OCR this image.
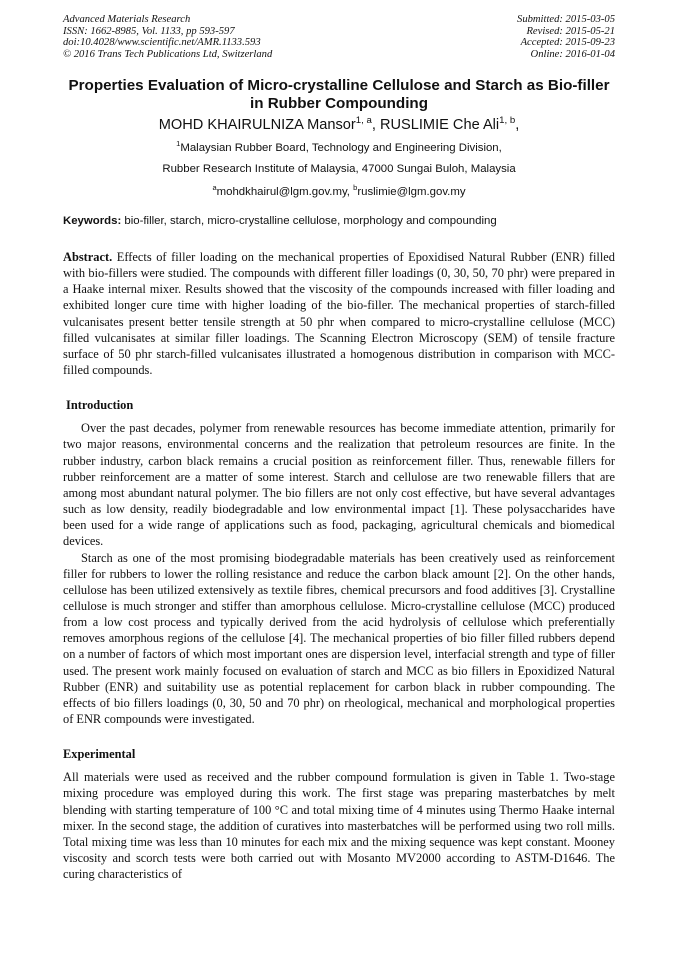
Advanced Materials Research
ISSN: 1662-8985, Vol. 1133, pp 593-597
doi:10.4028/www.scientific.net/AMR.1133.593
© 2016 Trans Tech Publications Ltd, Switzerland
Submitted: 2015-03-05
Revised: 2015-05-21
Accepted: 2015-09-23
Online: 2016-01-04
Properties Evaluation of Micro-crystalline Cellulose and Starch as Bio-filler in Rubber Compounding
MOHD KHAIRULNIZA Mansor$^{1, a}$, RUSLIMIE Che Ali$^{1, b}$,
$^1$Malaysian Rubber Board, Technology and Engineering Division,
Rubber Research Institute of Malaysia, 47000 Sungai Buloh, Malaysia
$^a$mohdkhairul@lgm.gov.my, $^b$ruslimie@lgm.gov.my
Keywords: bio-filler, starch, micro-crystalline cellulose, morphology and compounding
Abstract. Effects of filler loading on the mechanical properties of Epoxidised Natural Rubber (ENR) filled with bio-fillers were studied. The compounds with different filler loadings (0, 30, 50, 70 phr) were prepared in a Haake internal mixer. Results showed that the viscosity of the compounds increased with filler loading and exhibited longer cure time with higher loading of the bio-filler. The mechanical properties of starch-filled vulcanisates present better tensile strength at 50 phr when compared to micro-crystalline cellulose (MCC) filled vulcanisates at similar filler loadings. The Scanning Electron Microscopy (SEM) of tensile fracture surface of 50 phr starch-filled vulcanisates illustrated a homogenous distribution in comparison with MCC-filled compounds.
Introduction

Over the past decades, polymer from renewable resources has become immediate attention, primarily for two major reasons, environmental concerns and the realization that petroleum resources are finite. In the rubber industry, carbon black remains a crucial position as reinforcement filler. Thus, renewable fillers for rubber reinforcement are a matter of some interest. Starch and cellulose are two renewable fillers that are among most abundant natural polymer. The bio fillers are not only cost effective, but have several advantages such as low density, readily biodegradable and low environmental impact [1]. These polysaccharides have been used for a wide range of applications such as food, packaging, agricultural chemicals and biomedical devices.

Starch as one of the most promising biodegradable materials has been creatively used as reinforcement filler for rubbers to lower the rolling resistance and reduce the carbon black amount [2]. On the other hands, cellulose has been utilized extensively as textile fibres, chemical precursors and food additives [3]. Crystalline cellulose is much stronger and stiffer than amorphous cellulose. Micro-crystalline cellulose (MCC) produced from a low cost process and typically derived from the acid hydrolysis of cellulose which preferentially removes amorphous regions of the cellulose [4]. The mechanical properties of bio filler filled rubbers depend on a number of factors of which most important ones are dispersion level, interfacial strength and type of filler used. The present work mainly focused on evaluation of starch and MCC as bio fillers in Epoxidized Natural Rubber (ENR) and suitability use as potential replacement for carbon black in rubber compounding. The effects of bio fillers loadings (0, 30, 50 and 70 phr) on rheological, mechanical and morphological properties of ENR compounds were investigated.

Experimental

All materials were used as received and the rubber compound formulation is given in Table 1. Two-stage mixing procedure was employed during this work. The first stage was preparing masterbatches by melt blending with starting temperature of 100 °C and total mixing time of 4 minutes using Thermo Haake internal mixer. In the second stage, the addition of curatives into masterbatches will be performed using two roll mills. Total mixing time was less than 10 minutes for each mix and the mixing sequence was kept constant. Mooney viscosity and scorch tests were both carried out with Mosanto MV2000 according to ASTM-D1646. The curing characteristics of
